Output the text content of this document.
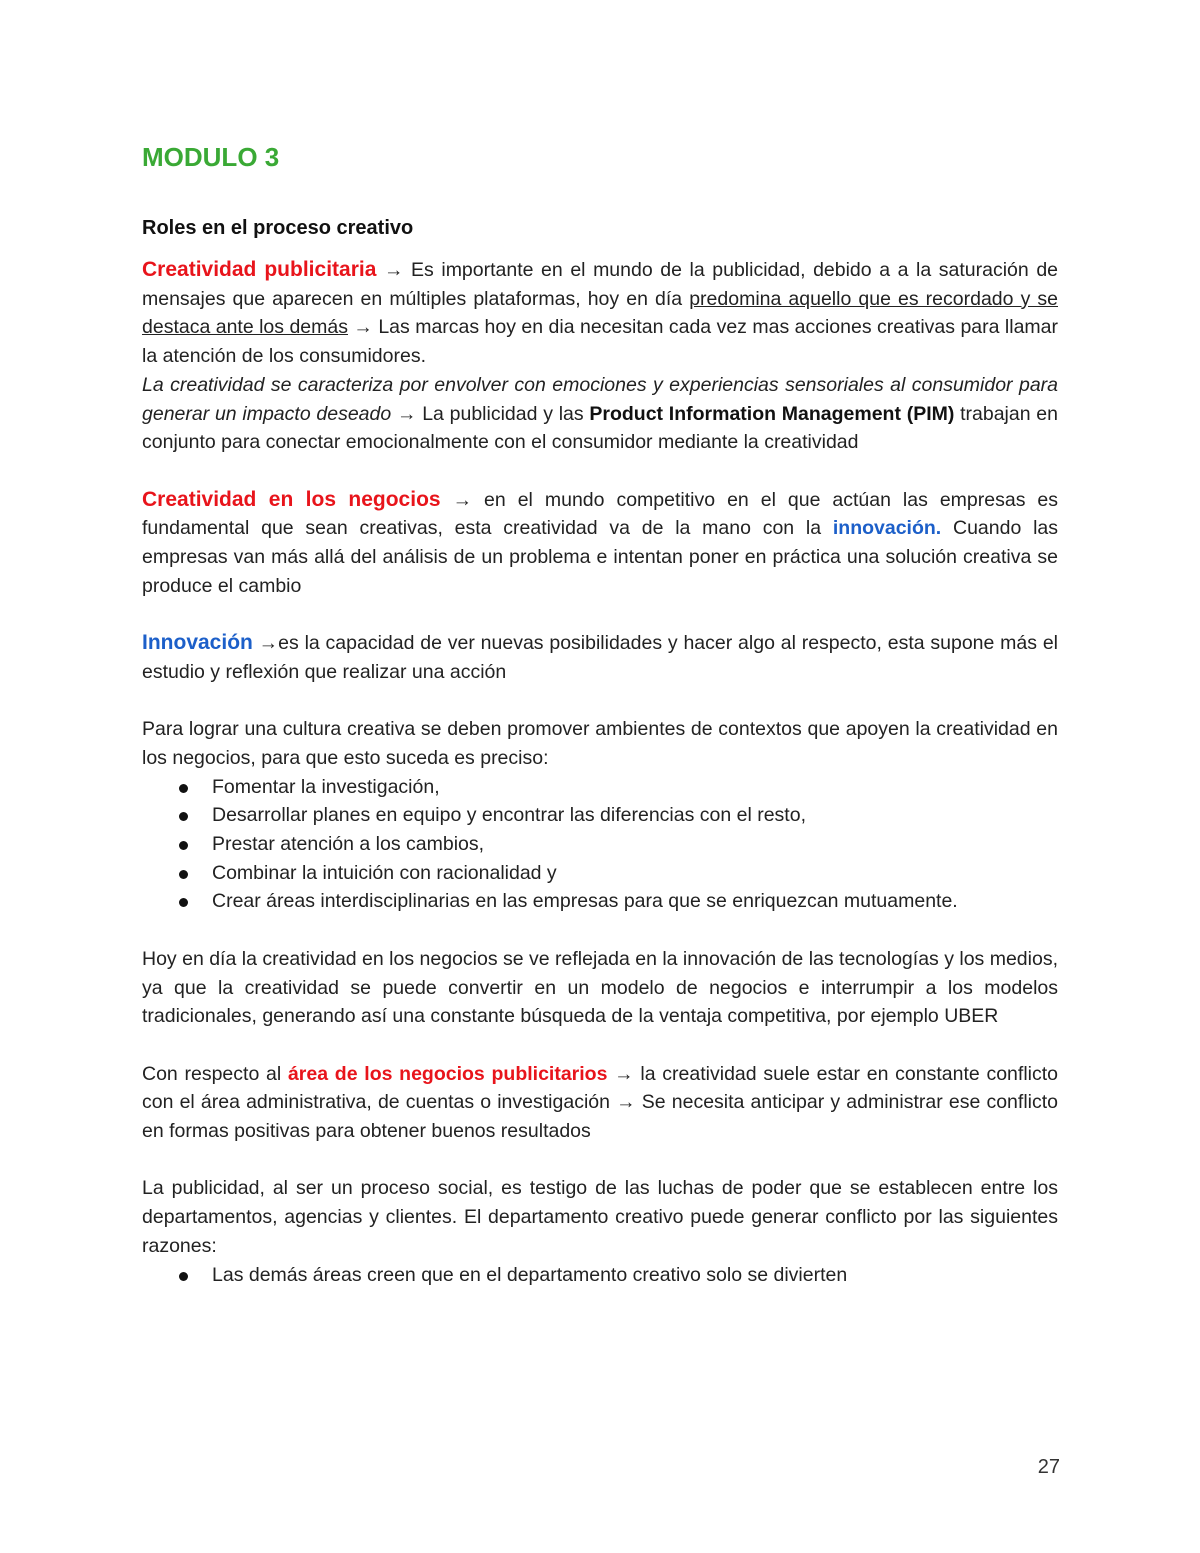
MODULO 3
Roles en el proceso creativo

Creatividad publicitaria → Es importante en el mundo de la publicidad, debido a a la saturación de mensajes que aparecen en múltiples plataformas, hoy en día predomina aquello que es recordado y se destaca ante los demás → Las marcas hoy en dia necesitan cada vez mas acciones creativas para llamar la atención de los consumidores.

La creatividad se caracteriza por envolver con emociones y experiencias sensoriales al consumidor para generar un impacto deseado → La publicidad y las Product Information Management (PIM) trabajan en conjunto para conectar emocionalmente con el consumidor mediante la creatividad

Creatividad en los negocios → en el mundo competitivo en el que actúan las empresas es fundamental que sean creativas, esta creatividad va de la mano con la innovación. Cuando las empresas van más allá del análisis de un problema e intentan poner en práctica una solución creativa se produce el cambio

Innovación →es la capacidad de ver nuevas posibilidades y hacer algo al respecto, esta supone más el estudio y reflexión que realizar una acción

Para lograr una cultura creativa se deben promover ambientes de contextos que apoyen la creatividad en los negocios, para que esto suceda es preciso:

Fomentar la investigación,
Desarrollar planes en equipo y encontrar las diferencias con el resto,
Prestar atención a los cambios,
Combinar la intuición con racionalidad y
Crear áreas interdisciplinarias en las empresas para que se enriquezcan mutuamente.

Hoy en día la creatividad en los negocios se ve reflejada en la innovación de las tecnologías y los medios, ya que la creatividad se puede convertir en un modelo de negocios e interrumpir a los modelos tradicionales, generando así una constante búsqueda de la ventaja competitiva, por ejemplo UBER

Con respecto al área de los negocios publicitarios → la creatividad suele estar en constante conflicto con el área administrativa, de cuentas o investigación → Se necesita anticipar y administrar ese conflicto en formas positivas para obtener buenos resultados

La publicidad, al ser un proceso social, es testigo de las luchas de poder que se establecen entre los departamentos, agencias y clientes. El departamento creativo puede generar conflicto por las siguientes razones:

Las demás áreas creen que en el departamento creativo solo se divierten
27
